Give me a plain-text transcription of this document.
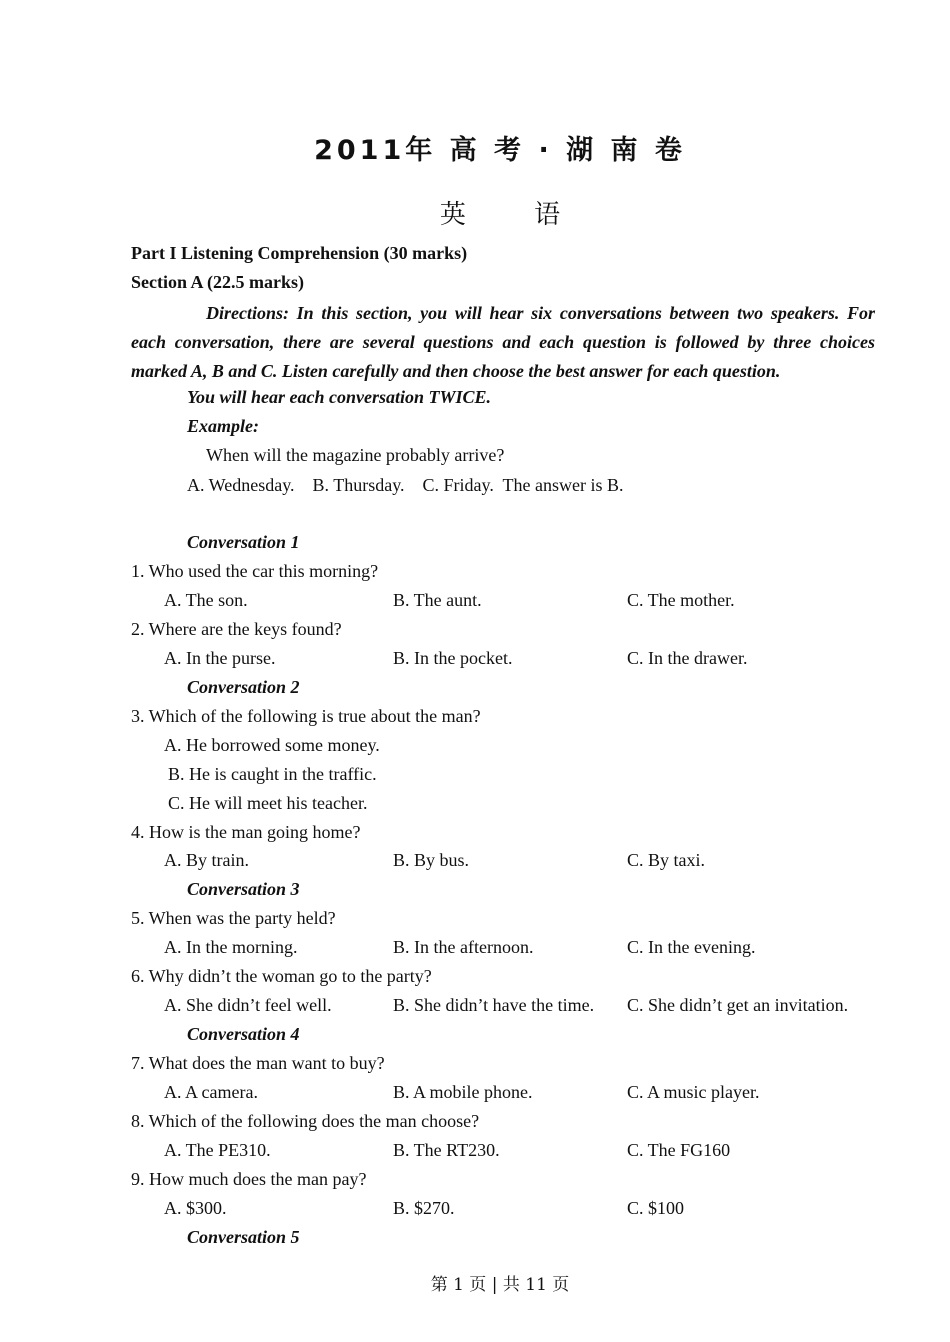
2011年 高 考 · 湖 南 卷
英 语
Part I Listening Comprehension (30 marks)
Section A (22.5 marks)
Directions: In this section, you will hear six conversations between two speakers. For each conversation, there are several questions and each question is followed by three choices marked A, B and C. Listen carefully and then choose the best answer for each question.
You will hear each conversation TWICE.
Example:
When will the magazine probably arrive?
A. Wednesday.    B. Thursday.    C. Friday.  The answer is B.
Conversation 1
1. Who used the car this morning?
A. The son.	B. The aunt.	C. The mother.
2. Where are the keys found?
A. In the purse.	B. In the pocket.	C. In the drawer.
Conversation 2
3. Which of the following is true about the man?
A. He borrowed some money.
B. He is caught in the traffic.
C. He will meet his teacher.
4. How is the man going home?
A. By train.	B. By bus.	C. By taxi.
Conversation 3
5. When was the party held?
A. In the morning.	B. In the afternoon.	C. In the evening.
6. Why didn’t the woman go to the party?
A. She didn’t feel well.	B. She didn’t have the time. C. She didn’t get an invitation.
Conversation 4
7. What does the man want to buy?
A. A camera.	B. A mobile phone.	C. A music player.
8. Which of the following does the man choose?
A. The PE310.	B. The RT230.	C. The FG160
9. How much does the man pay?
A. $300.	B. $270.	C. $100
Conversation 5
第 1 页 | 共 11 页
